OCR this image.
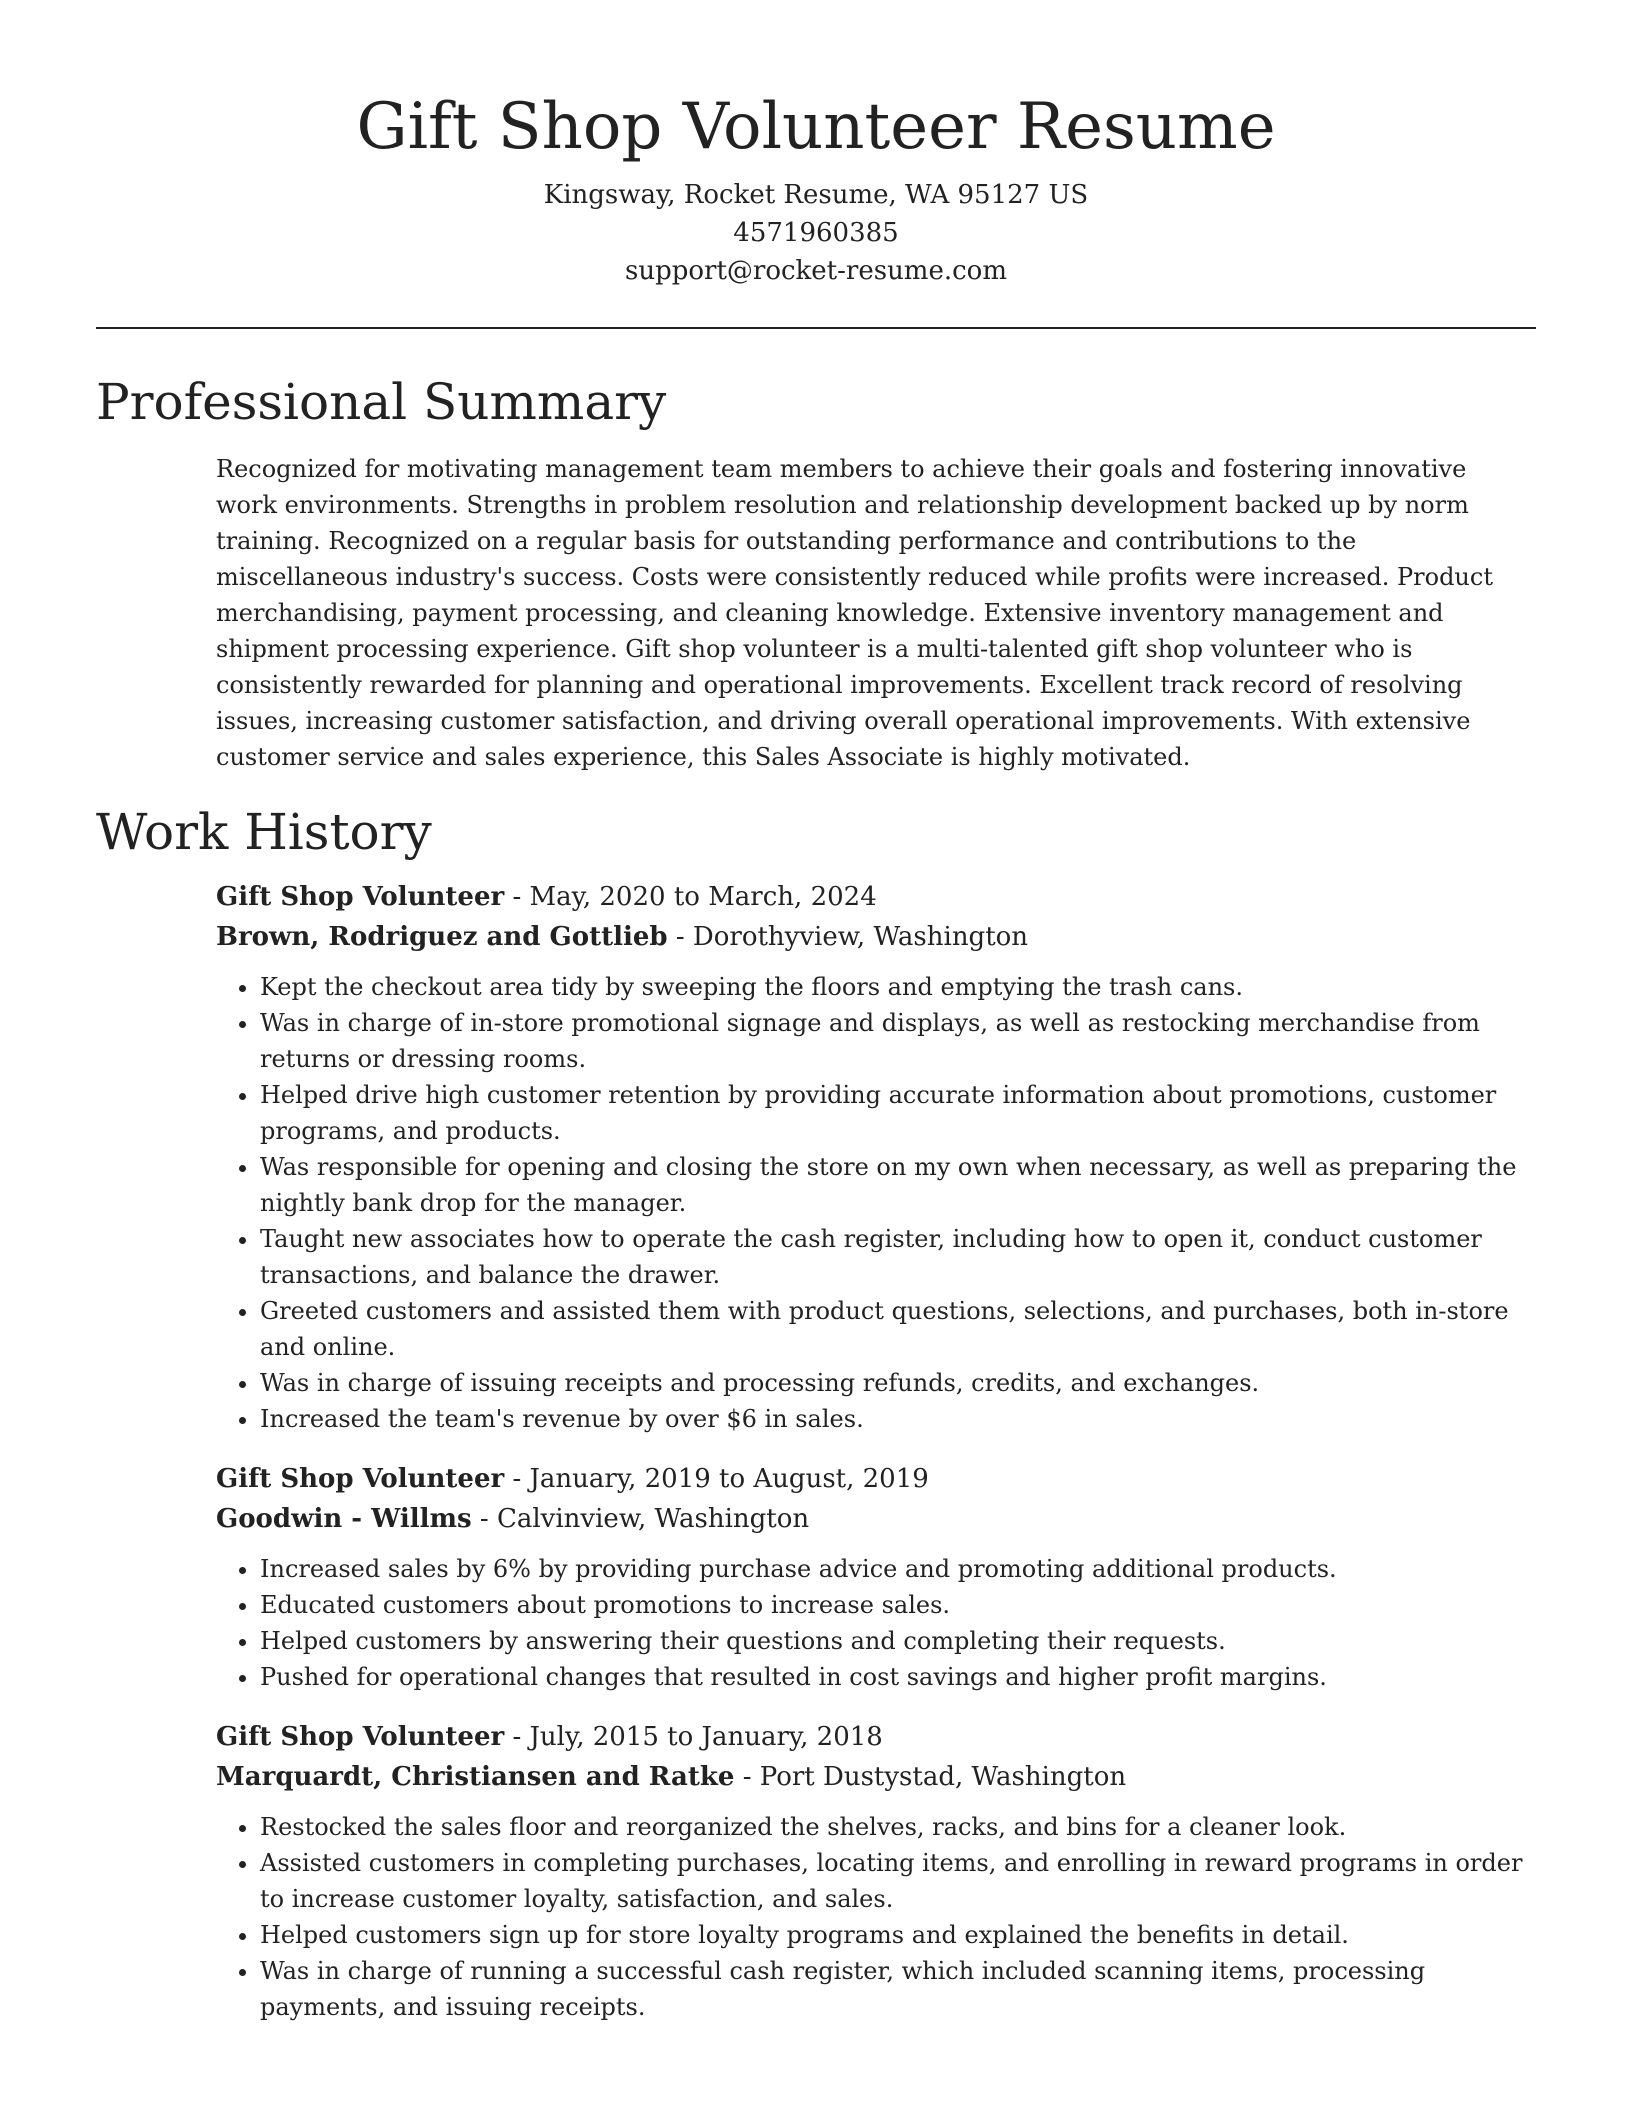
Gift Shop Volunteer Resume
Kingsway, Rocket Resume, WA 95127 US
4571960385
support@rocket-resume.com
Professional Summary

Recognized for motivating management team members to achieve their goals and fostering innovative work environments. Strengths in problem resolution and relationship development backed up by norm training. Recognized on a regular basis for outstanding performance and contributions to the miscellaneous industry's success. Costs were consistently reduced while profits were increased. Product merchandising, payment processing, and cleaning knowledge. Extensive inventory management and shipment processing experience. Gift shop volunteer is a multi-talented gift shop volunteer who is consistently rewarded for planning and operational improvements. Excellent track record of resolving issues, increasing customer satisfaction, and driving overall operational improvements. With extensive customer service and sales experience, this Sales Associate is highly motivated.

Work History
Gift Shop Volunteer - May, 2020 to March, 2024
Brown, Rodriguez and Gottlieb - Dorothyview, Washington
• Kept the checkout area tidy by sweeping the floors and emptying the trash cans.
• Was in charge of in-store promotional signage and displays, as well as restocking merchandise from returns or dressing rooms.
• Helped drive high customer retention by providing accurate information about promotions, customer programs, and products.
• Was responsible for opening and closing the store on my own when necessary, as well as preparing the nightly bank drop for the manager.
• Taught new associates how to operate the cash register, including how to open it, conduct customer transactions, and balance the drawer.
• Greeted customers and assisted them with product questions, selections, and purchases, both in-store and online.
• Was in charge of issuing receipts and processing refunds, credits, and exchanges.
• Increased the team's revenue by over $6 in sales.
Gift Shop Volunteer - January, 2019 to August, 2019
Goodwin - Willms - Calvinview, Washington
• Increased sales by 6% by providing purchase advice and promoting additional products.
• Educated customers about promotions to increase sales.
• Helped customers by answering their questions and completing their requests.
• Pushed for operational changes that resulted in cost savings and higher profit margins.
Gift Shop Volunteer - July, 2015 to January, 2018
Marquardt, Christiansen and Ratke - Port Dustystad, Washington
• Restocked the sales floor and reorganized the shelves, racks, and bins for a cleaner look.
• Assisted customers in completing purchases, locating items, and enrolling in reward programs in order to increase customer loyalty, satisfaction, and sales.
• Helped customers sign up for store loyalty programs and explained the benefits in detail.
• Was in charge of running a successful cash register, which included scanning items, processing payments, and issuing receipts.
